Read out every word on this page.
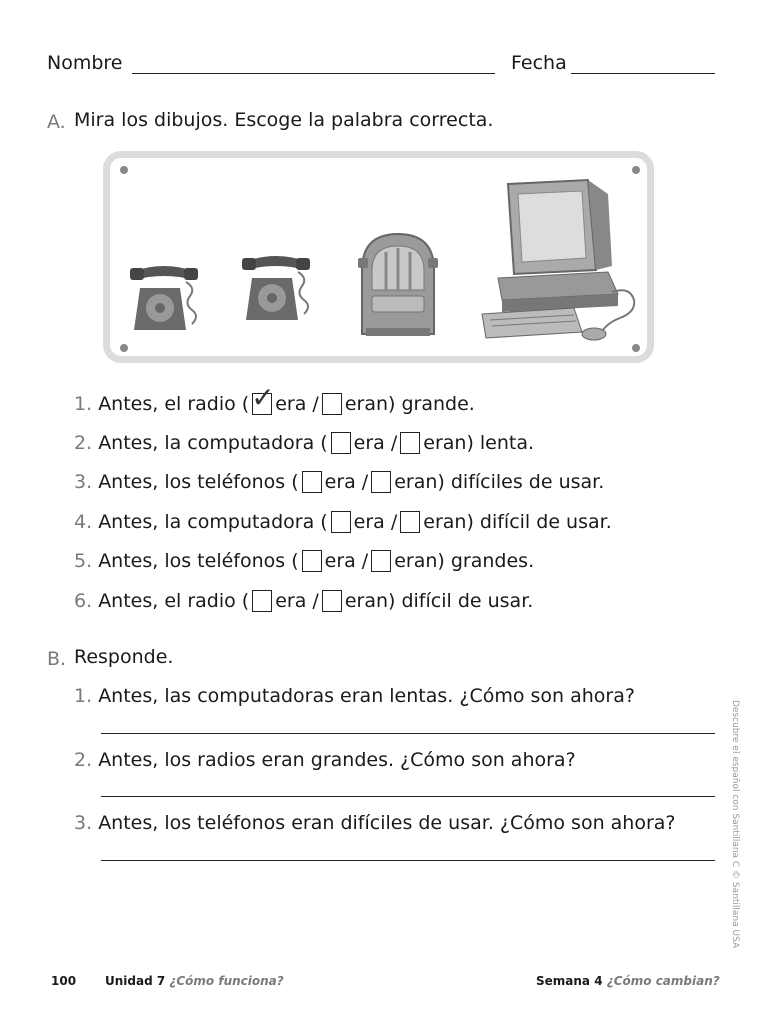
Nombre	Fecha
A. Mira los dibujos. Escoge la palabra correcta.
1. Antes, el radio ( ✓ era / eran) grande.
2. Antes, la computadora ( era / eran) lenta.
3. Antes, los teléfonos ( era / eran) difíciles de usar.
4. Antes, la computadora ( era / eran) difícil de usar.
5. Antes, los teléfonos ( era / eran) grandes.
6. Antes, el radio ( era / eran) difícil de usar.
B. Responde.
1. Antes, las computadoras eran lentas. ¿Cómo son ahora?
2. Antes, los radios eran grandes. ¿Cómo son ahora?
3. Antes, los teléfonos eran difíciles de usar. ¿Cómo son ahora?	Descubre el español con Santillana C © Santillana USA
100 Unidad 7 ¿Cómo funciona?	Semana 4 ¿Cómo cambian?
